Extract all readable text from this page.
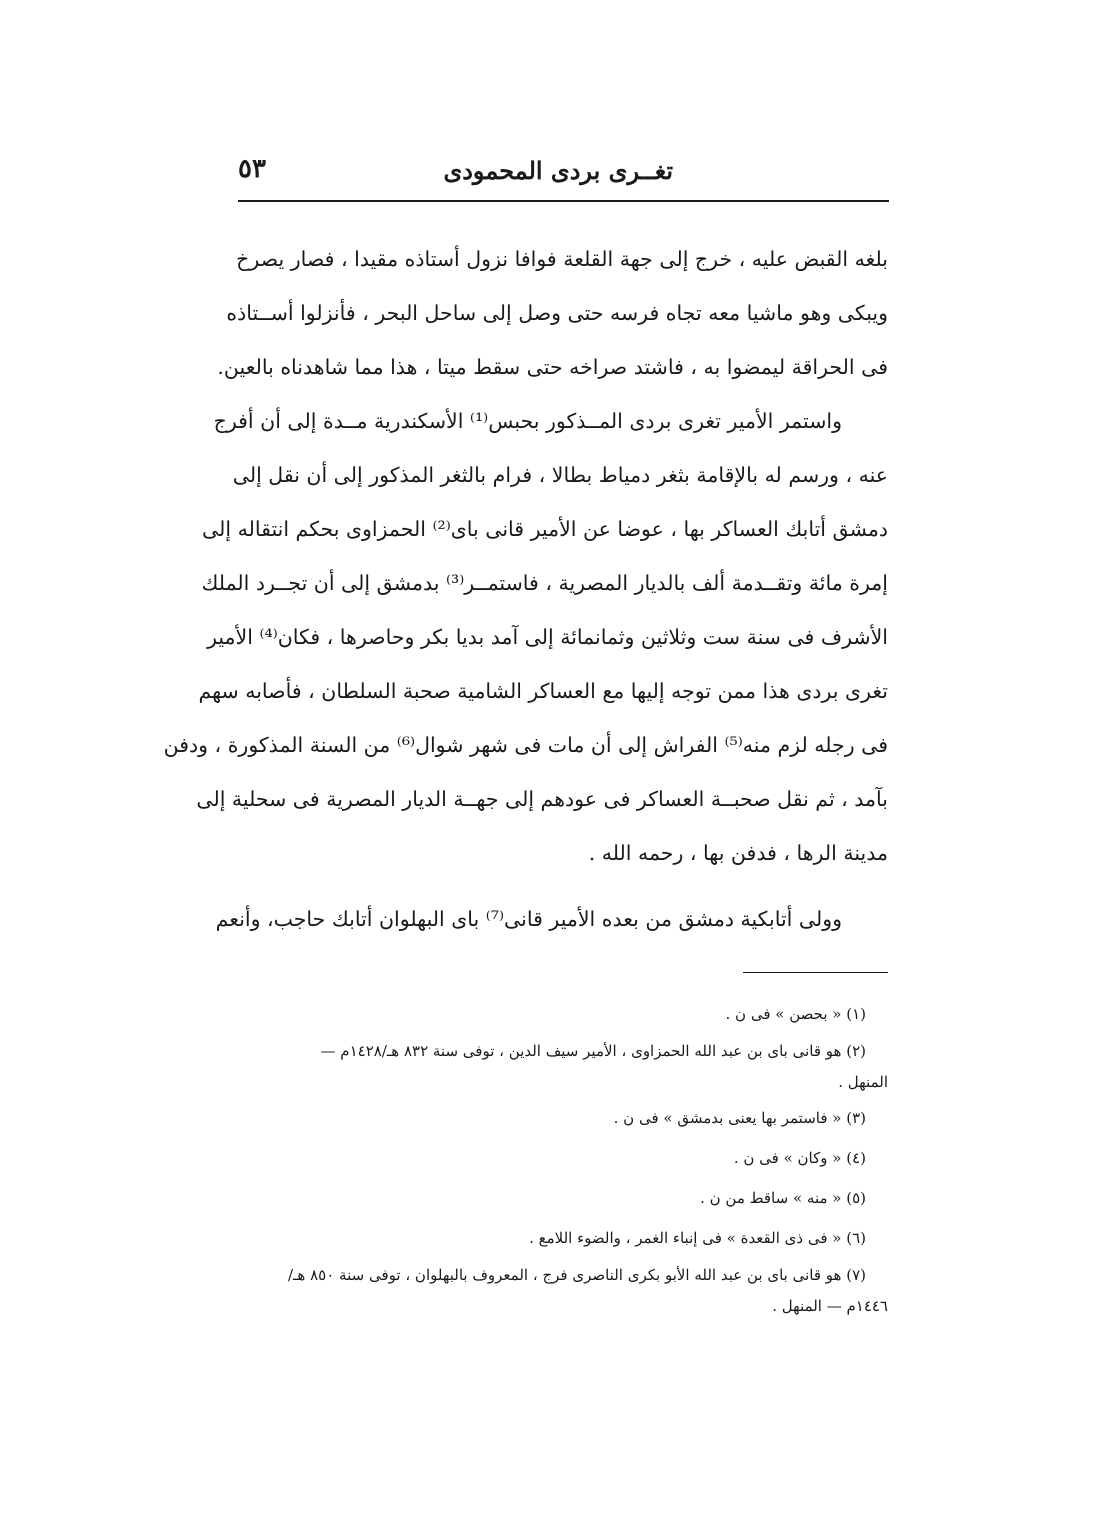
تغــرى بردى المحمودى
٥٣
بلغه القبض عليه ، خرج إلى جهة القلعة فوافا نزول أستاذه مقيدا ، فصار يصرخ
ويبكى وهو ماشيا معه تجاه فرسه حتى وصل إلى ساحل البحر ، فأنزلوا أســتاذه
فى الحراقة ليمضوا به ، فاشتد صراخه حتى سقط ميتا ، هذا مما شاهدناه بالعين.
واستمر الأمير تغرى بردى المــذكور بحبس⁽¹⁾ الأسكندرية مــدة إلى أن أفرج
عنه ، ورسم له بالإقامة بثغر دمياط بطالا ، فرام بالثغر المذكور إلى أن نقل إلى
دمشق أتابك العساكر بها ، عوضا عن الأمير قانى باى⁽²⁾ الحمزاوى بحكم انتقاله إلى
إمرة مائة وتقــدمة ألف بالديار المصرية ، فاستمــر⁽³⁾ بدمشق إلى أن تجــرد الملك
الأشرف فى سنة ست وثلاثين وثمانمائة إلى آمد بديا بكر وحاصرها ، فكان⁽⁴⁾ الأمير
تغرى بردى هذا ممن توجه إليها مع العساكر الشامية صحبة السلطان ، فأصابه سهم
فى رجله لزم منه⁽⁵⁾ الفراش إلى أن مات فى شهر شوال⁽⁶⁾ من السنة المذكورة ، ودفن
بآمد ، ثم نقل صحبــة العساكر فى عودهم إلى جهــة الديار المصرية فى سحلية إلى
مدينة الرها ، فدفن بها ، رحمه الله .
وولى أتابكية دمشق من بعده الأمير قانى⁽⁷⁾ باى البهلوان أتابك حاجب، وأنعم
(١) « بحصن » فى ن .
(٢) هو قانى باى بن عبد الله الحمزاوى ، الأمير سيف الدين ، توفى سنة ٨٣٢ هـ/١٤٢٨م —
المنهل .
(٣) « فاستمر بها يعنى بدمشق » فى ن .
(٤) « وكان » فى ن .
(٥) « منه » ساقط من ن .
(٦) « فى ذى القعدة » فى إنباء الغمر ، والضوء اللامع .
(٧) هو قانى باى بن عبد الله الأبو بكرى الناصرى فرج ، المعروف بالبهلوان ، توفى سنة ٨٥٠ هـ/
١٤٤٦م — المنهل .
